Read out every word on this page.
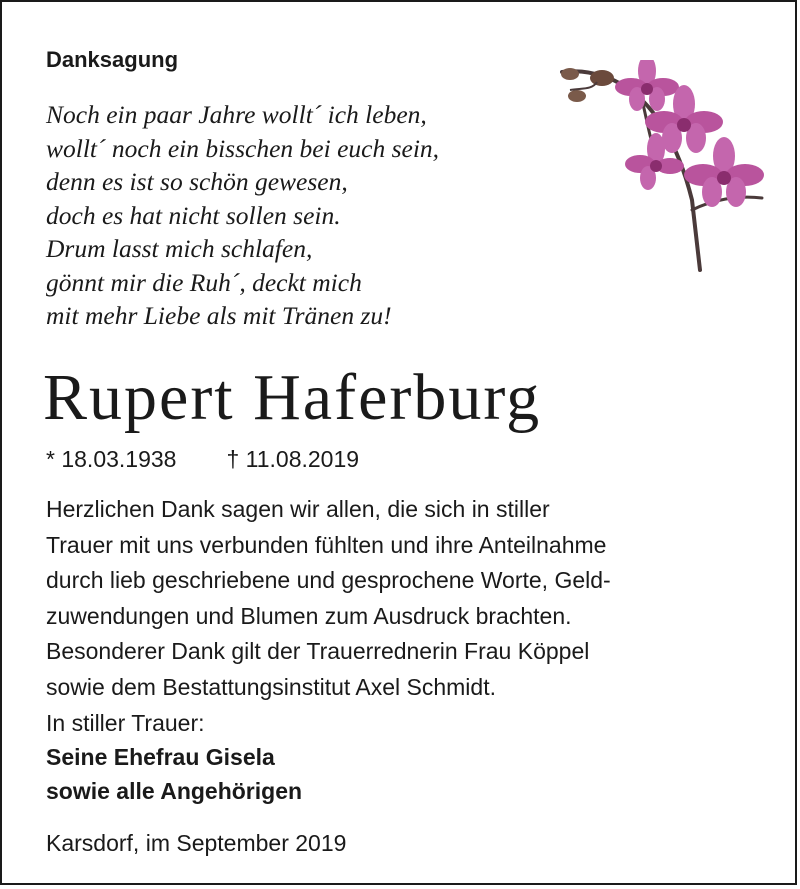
Danksagung
Noch ein paar Jahre wollt´ ich leben,
wollt´ noch ein bisschen bei euch sein,
denn es ist so schön gewesen,
doch es hat nicht sollen sein.
Drum lasst mich schlafen,
gönnt mir die Ruh´, deckt mich
mit mehr Liebe als mit Tränen zu!
Rupert Haferburg
* 18.03.1938 † 11.08.2019
Herzlichen Dank sagen wir allen, die sich in stiller
Trauer mit uns verbunden fühlten und ihre Anteilnahme
durch lieb geschriebene und gesprochene Worte, Geld-
zuwendungen und Blumen zum Ausdruck brachten.
Besonderer Dank gilt der Trauerrednerin Frau Köppel
sowie dem Bestattungsinstitut Axel Schmidt.
In stiller Trauer:
Seine Ehefrau Gisela
sowie alle Angehörigen
Karsdorf, im September 2019
